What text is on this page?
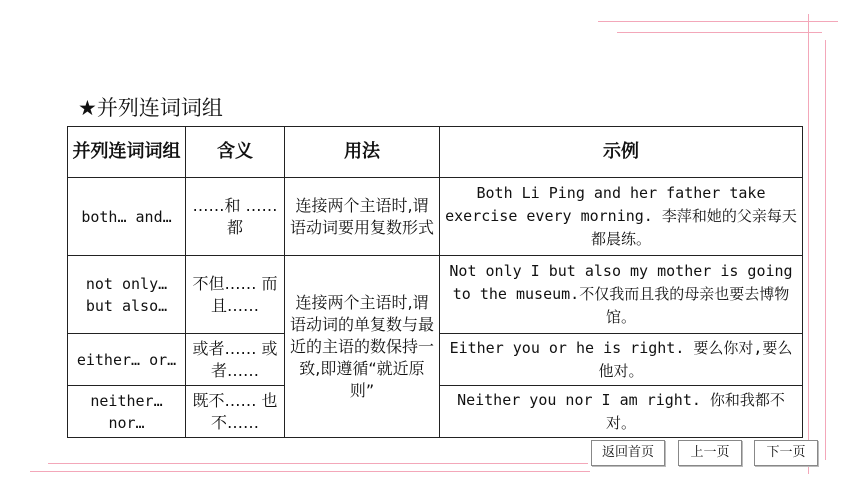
★并列连词词组
并列连词词组	含义	用法	示例
both… and…	……和 ……都	连接两个主语时,谓语动词要用复数形式	Both Li Ping and her father take exercise every morning. 李萍和她的父亲每天都晨练。
not only… but also…	不但…… 而且……	连接两个主语时,谓语动词的单复数与最近的主语的数保持一致,即遵循“就近原则”	Not only I but also my mother is going to the museum.不仅我而且我的母亲也要去博物馆。
either… or…	或者…… 或者……		Either you or he is right. 要么你对,要么他对。
neither… nor…	既不…… 也不……		Neither you nor I am right. 你和我都不对。
返回首页	上一页	下一页
